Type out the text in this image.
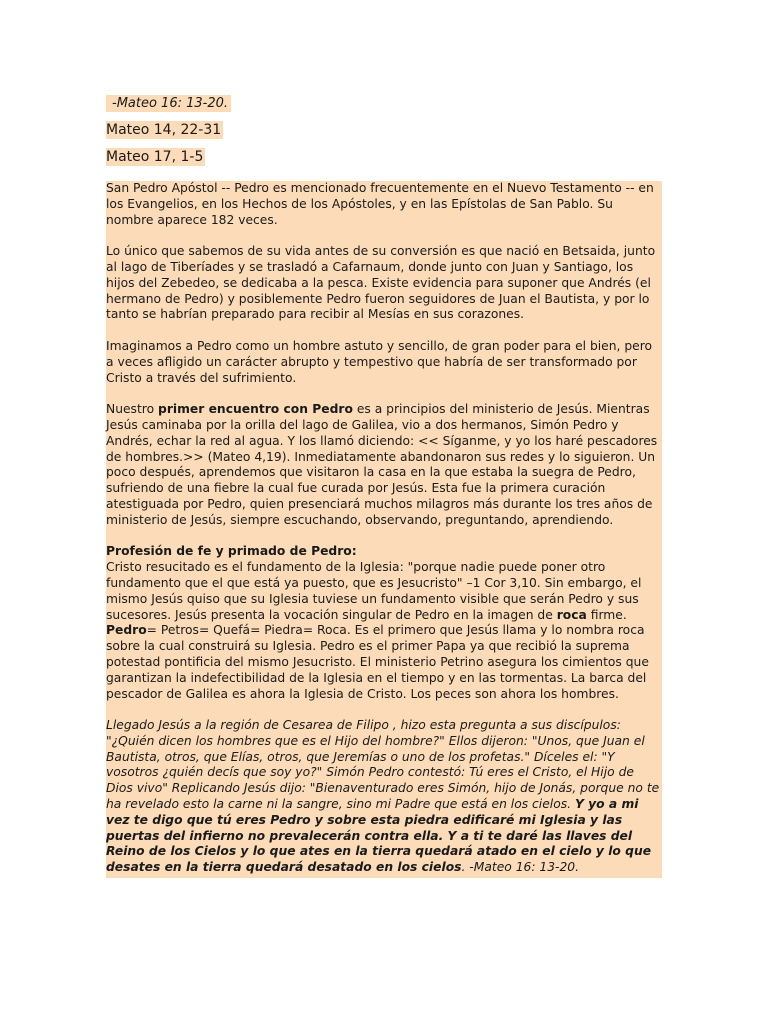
-Mateo 16: 13-20.
Mateo 14, 22-31
Mateo 17, 1-5

San Pedro Apóstol -- Pedro es mencionado frecuentemente en el Nuevo Testamento -- en los Evangelios, en los Hechos de los Apóstoles, y en las Epístolas de San Pablo. Su nombre aparece 182 veces.

Lo único que sabemos de su vida antes de su conversión es que nació en Betsaida, junto al lago de Tiberíades y se trasladó a Cafarnaum, donde junto con Juan y Santiago, los hijos del Zebedeo, se dedicaba a la pesca. Existe evidencia para suponer que Andrés (el hermano de Pedro) y posiblemente Pedro fueron seguidores de Juan el Bautista, y por lo tanto se habrían preparado para recibir al Mesías en sus corazones.

Imaginamos a Pedro como un hombre astuto y sencillo, de gran poder para el bien, pero a veces afligido un carácter abrupto y tempestivo que habría de ser transformado por Cristo a través del sufrimiento.

Nuestro primer encuentro con Pedro es a principios del ministerio de Jesús. Mientras Jesús caminaba por la orilla del lago de Galilea, vio a dos hermanos, Simón Pedro y Andrés, echar la red al agua. Y los llamó diciendo: << Síganme, y yo los haré pescadores de hombres.>> (Mateo 4,19). Inmediatamente abandonaron sus redes y lo siguieron. Un poco después, aprendemos que visitaron la casa en la que estaba la suegra de Pedro, sufriendo de una fiebre la cual fue curada por Jesús. Esta fue la primera curación atestiguada por Pedro, quien presenciará muchos milagros más durante los tres años de ministerio de Jesús, siempre escuchando, observando, preguntando, aprendiendo.

Profesión de fe y primado de Pedro:
Cristo resucitado es el fundamento de la Iglesia: "porque nadie puede poner otro fundamento que el que está ya puesto, que es Jesucristo" –1 Cor 3,10. Sin embargo, el mismo Jesús quiso que su Iglesia tuviese un fundamento visible que serán Pedro y sus sucesores. Jesús presenta la vocación singular de Pedro en la imagen de roca firme. Pedro= Petros= Quefá= Piedra= Roca. Es el primero que Jesús llama y lo nombra roca sobre la cual construirá su Iglesia. Pedro es el primer Papa ya que recibió la suprema potestad pontificia del mismo Jesucristo. El ministerio Petrino asegura los cimientos que garantizan la indefectibilidad de la Iglesia en el tiempo y en las tormentas. La barca del pescador de Galilea es ahora la Iglesia de Cristo. Los peces son ahora los hombres.

Llegado Jesús a la región de Cesarea de Filipo , hizo esta pregunta a sus discípulos: "¿Quién dicen los hombres que es el Hijo del hombre?" Ellos dijeron: "Unos, que Juan el Bautista, otros, que Elías, otros, que Jeremías o uno de los profetas." Díceles el: "Y vosotros ¿quién decís que soy yo?" Simón Pedro contestó: Tú eres el Cristo, el Hijo de Dios vivo" Replicando Jesús dijo: "Bienaventurado eres Simón, hijo de Jonás, porque no te ha revelado esto la carne ni la sangre, sino mi Padre que está en los cielos. Y yo a mi vez te digo que tú eres Pedro y sobre esta piedra edificaré mi Iglesia y las puertas del infierno no prevalecerán contra ella. Y a ti te daré las llaves del Reino de los Cielos y lo que ates en la tierra quedará atado en el cielo y lo que desates en la tierra quedará desatado en los cielos. -Mateo 16: 13-20.
